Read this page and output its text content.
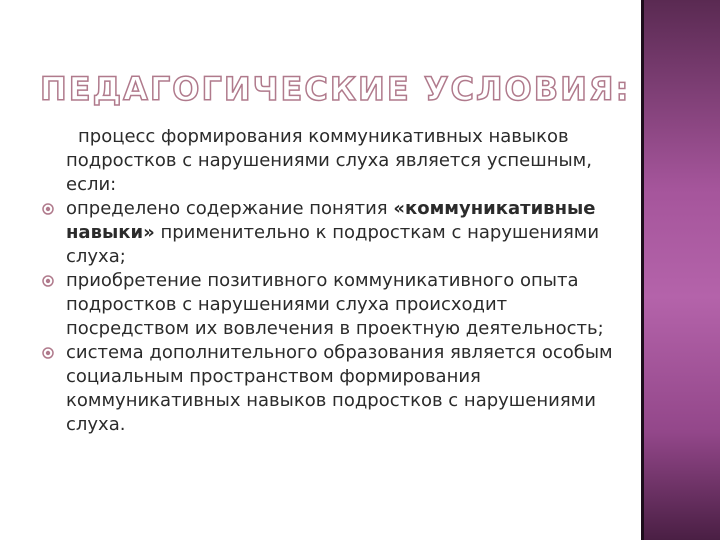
ПЕДАГОГИЧЕСКИЕ УСЛОВИЯ:

процесс формирования коммуникативных навыков подростков с нарушениями слуха является успешным, если:

определено содержание понятия «коммуникативные навыки» применительно к подросткам с нарушениями слуха;
приобретение позитивного коммуникативного опыта подростков с нарушениями слуха происходит посредством их вовлечения в проектную деятельность;
система дополнительного образования является особым социальным пространством формирования коммуникативных навыков подростков с нарушениями слуха.
